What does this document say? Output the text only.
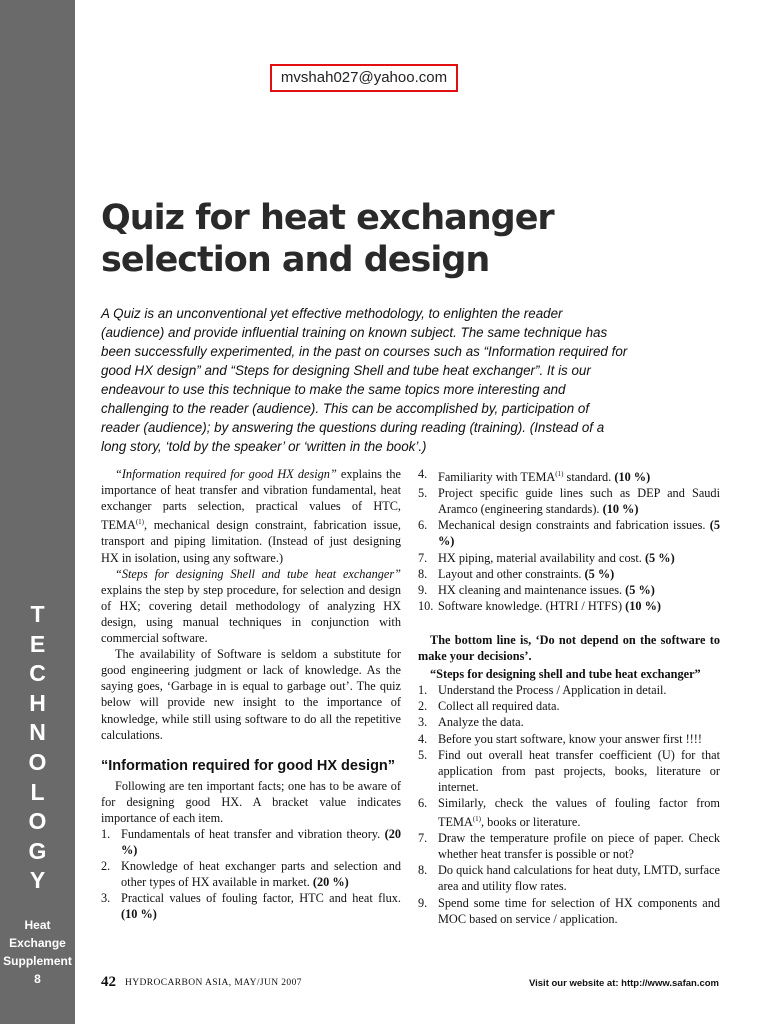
T
E
C
H
N
O
L
O
G
Y
Heat
Exchange
Supplement
8
mvshah027@yahoo.com
Quiz for heat exchanger
selection and design
A Quiz is an unconventional yet effective methodology, to enlighten the reader
(audience) and provide influential training on known subject. The same technique has
been successfully experimented, in the past on courses such as “Information required for
good HX design” and “Steps for designing Shell and tube heat exchanger”. It is our
endeavour to use this technique to make the same topics more interesting and
challenging to the reader (audience). This can be accomplished by, participation of
reader (audience); by answering the questions during reading (training). (Instead of a
long story, ‘told by the speaker’ or ‘written in the book’.)

“Information required for good HX design” explains the importance of heat transfer and vibration fundamental, heat exchanger parts selection, practical values of HTC, TEMA$^{(1)}$, mechanical design constraint, fabrication issue, transport and piping limitation. (Instead of just designing HX in isolation, using any software.)

“Steps for designing Shell and tube heat exchanger” explains the step by step procedure, for selection and design of HX; covering detail methodology of analyzing HX design, using manual techniques in conjunction with commercial software.

The availability of Software is seldom a substitute for good engineering judgment or lack of knowledge. As the saying goes, ‘Garbage in is equal to garbage out’. The quiz below will provide new insight to the importance of knowledge, while still using software to do all the repetitive calculations.

“Information required for good HX design”

Following are ten important facts; one has to be aware of for designing good HX. A bracket value indicates importance of each item.

1. Fundamentals of heat transfer and vibration theory. (20 %)
2. Knowledge of heat exchanger parts and selection and other types of HX available in market. (20 %)
3. Practical values of fouling factor, HTC and heat flux. (10 %)
4. Familiarity with TEMA$^{(1)}$ standard. (10 %)
5. Project specific guide lines such as DEP and Saudi Aramco (engineering standards). (10 %)
6. Mechanical design constraints and fabrication issues. (5 %)
7. HX piping, material availability and cost. (5 %)
8. Layout and other constraints. (5 %)
9. HX cleaning and maintenance issues. (5 %)
10. Software knowledge. (HTRI / HTFS) (10 %)

The bottom line is, ‘Do not depend on the software to make your decisions’.

“Steps for designing shell and tube heat exchanger”

1. Understand the Process / Application in detail.
2. Collect all required data.
3. Analyze the data.
4. Before you start software, know your answer first !!!!
5. Find out overall heat transfer coefficient (U) for that application from past projects, books, literature or internet.
6. Similarly, check the values of fouling factor from TEMA$^{(1)}$, books or literature.
7. Draw the temperature profile on piece of paper. Check whether heat transfer is possible or not?
8. Do quick hand calculations for heat duty, LMTD, surface area and utility flow rates.
9. Spend some time for selection of HX components and MOC based on service / application.
42 HYDROCARBON ASIA, MAY/JUN 2007	Visit our website at: http://www.safan.com
